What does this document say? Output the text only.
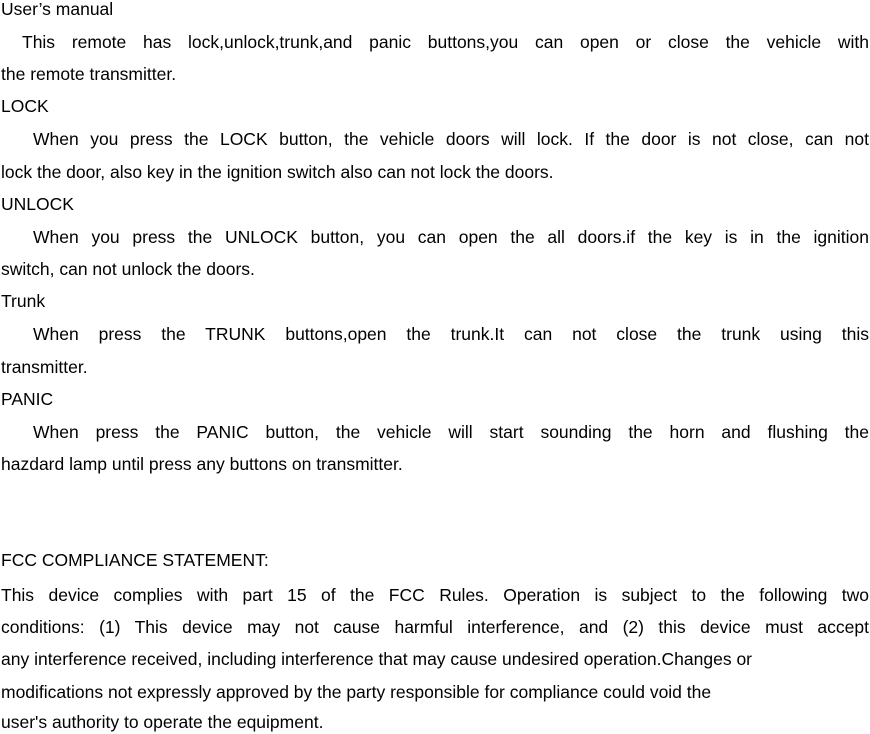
User’s manual
This remote has lock,unlock,trunk,and panic buttons,you can open or close the vehicle with
the remote transmitter.
LOCK
When you press the LOCK button, the vehicle doors will lock. If the door is not close, can not
lock the door, also key in the ignition switch also can not lock the doors.
UNLOCK
When you press the UNLOCK button, you can open the all doors.if the key is in the ignition
switch, can not unlock the doors.
Trunk
When press the TRUNK buttons,open the trunk.It can not close the trunk using this
transmitter.
PANIC
When press the PANIC button, the vehicle will start sounding the horn and flushing the
hazdard lamp until press any buttons on transmitter.
FCC COMPLIANCE STATEMENT:
This device complies with part 15 of the FCC Rules. Operation is subject to the following two
conditions: (1) This device may not cause harmful interference, and (2) this device must accept
any interference received, including interference that may cause undesired operation.Changes or
modifications not expressly approved by the party responsible for compliance could void the
user's authority to operate the equipment.
